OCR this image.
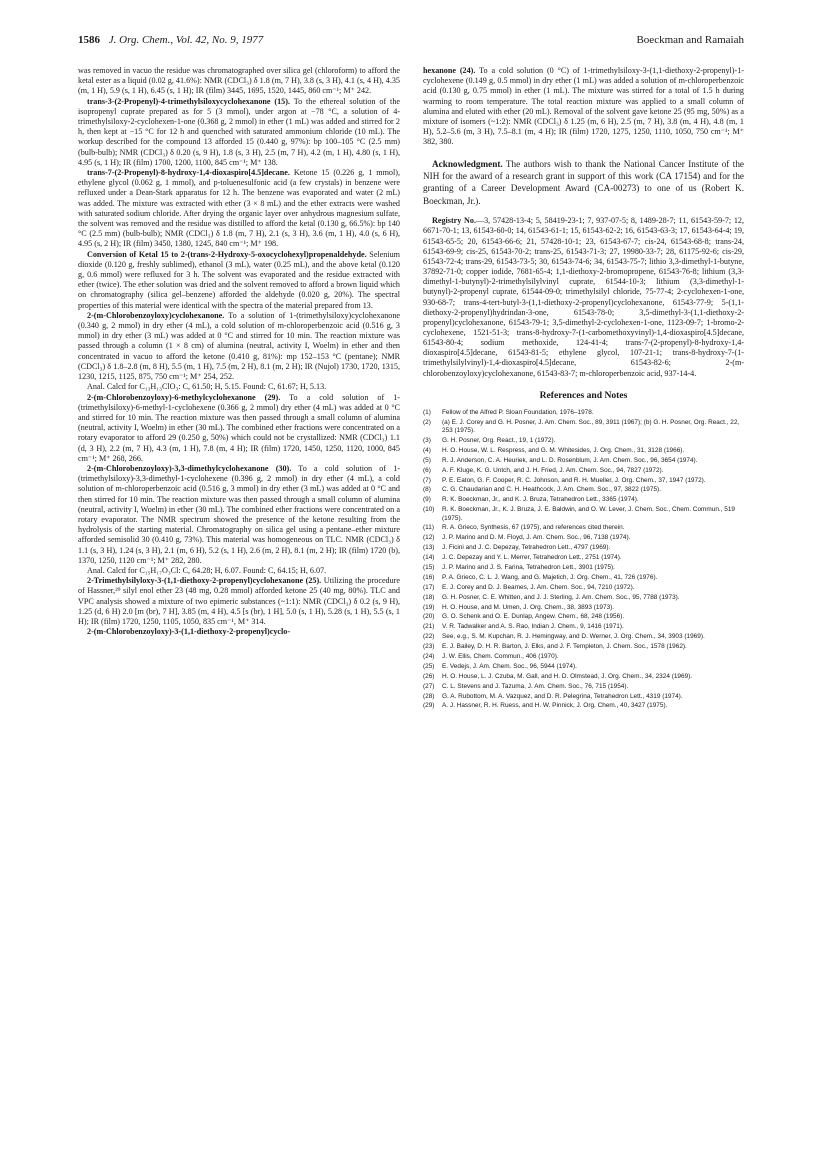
1586 J. Org. Chem., Vol. 42, No. 9, 1977	Boeckman and Ramaiah

was removed in vacuo the residue was chromatographed over silica gel (chloroform) to afford the ketal ester as a liquid (0.02 g, 41.6%): NMR (CDCl₃) δ 1.8 (m, 7 H), 3.8 (s, 3 H), 4.1 (s, 4 H), 4.35 (m, 1 H), 5.9 (s, 1 H), 6.45 (s, 1 H); IR (film) 3445, 1695, 1520, 1445, 860 cm⁻¹; M⁺ 242.

trans-3-(2-Propenyl)-4-trimethylsiloxycyclohexanone (15). To the ethereal solution of the isopropenyl cuprate prepared as for 5 (3 mmol), under argon at −78 °C, a solution of 4-trimethylsiloxy-2-cyclohexen-1-one (0.368 g, 2 mmol) in ether (1 mL) was added and stirred for 2 h, then kept at −15 °C for 12 h and quenched with saturated ammonium chloride (10 mL). The workup described for the compound 13 afforded 15 (0.440 g, 97%): bp 100–105 °C (2.5 mm) (bulb-bulb); NMR (CDCl₃) δ 0.20 (s, 9 H), 1.8 (s, 3 H), 2.5 (m, 7 H), 4.2 (m, 1 H), 4.80 (s, 1 H), 4.95 (s, 1 H); IR (film) 1700, 1200, 1100, 845 cm⁻¹; M⁺ 138.

trans-7-(2-Propenyl)-8-hydroxy-1,4-dioxaspiro[4.5]decane. Ketone 15 (0.226 g, 1 mmol), ethylene glycol (0.062 g, 1 mmol), and p-toluenesulfonic acid (a few crystals) in benzene were refluxed under a Dean-Stark apparatus for 12 h. The benzene was evaporated and water (2 mL) was added. The mixture was extracted with ether (3 × 8 mL) and the ether extracts were washed with saturated sodium chloride. After drying the organic layer over anhydrous magnesium sulfate, the solvent was removed and the residue was distilled to afford the ketal (0.130 g, 66.5%): bp 140 °C (2.5 mm) (bulb-bulb); NMR (CDCl₃) δ 1.8 (m, 7 H), 2.1 (s, 3 H), 3.6 (m, 1 H), 4.0 (s, 6 H), 4.95 (s, 2 H); IR (film) 3450, 1380, 1245, 840 cm⁻¹; M⁺ 198.

Conversion of Ketal 15 to 2-(trans-2-Hydroxy-5-oxocyclohexyl)propenaldehyde. Selenium dioxide (0.120 g, freshly sublimed), ethanol (3 mL), water (0.25 mL), and the above ketal (0.120 g, 0.6 mmol) were refluxed for 3 h. The solvent was evaporated and the residue extracted with ether (twice). The ether solution was dried and the solvent removed to afford a brown liquid which on chromatography (silica gel–benzene) afforded the aldehyde (0.020 g, 20%). The spectral properties of this material were identical with the spectra of the material prepared from 13.

2-(m-Chlorobenzoyloxy)cyclohexanone. To a solution of 1-(trimethylsiloxy)cyclohexanone (0.340 g, 2 mmol) in dry ether (4 mL), a cold solution of m-chloroperbenzoic acid (0.516 g, 3 mmol) in dry ether (3 mL) was added at 0 °C and stirred for 10 min. The reaction mixture was passed through a column (1 × 8 cm) of alumina (neutral, activity I, Woelm) in ether and then concentrated in vacuo to afford the ketone (0.410 g, 81%): mp 152–153 °C (pentane); NMR (CDCl₃) δ 1.8–2.8 (m, 8 H), 5.5 (m, 1 H), 7.5 (m, 2 H), 8.1 (m, 2 H); IR (Nujol) 1730, 1720, 1315, 1230, 1215, 1125, 875, 750 cm⁻¹; M⁺ 254, 252.

Anal. Calcd for C₁₃H₁₃ClO₃: C, 61.50; H, 5.15. Found: C, 61.67; H, 5.13.

2-(m-Chlorobenzoyloxy)-6-methylcyclohexanone (29). To a cold solution of 1-(trimethylsiloxy)-6-methyl-1-cyclohexene (0.366 g, 2 mmol) dry ether (4 mL) was added at 0 °C and stirred for 10 min. The reaction mixture was then passed through a small column of alumina (neutral, activity I, Woelm) in ether (30 mL). The combined ether fractions were concentrated on a rotary evaporator to afford 29 (0.250 g, 50%) which could not be crystallized: NMR (CDCl₃) 1.1 (d, 3 H), 2.2 (m, 7 H), 4.3 (m, 1 H), 7.8 (m, 4 H); IR (film) 1720, 1450, 1250, 1120, 1000, 845 cm⁻¹; M⁺ 268, 266.

2-(m-Chlorobenzoyloxy)-3,3-dimethylcyclohexanone (30). To a cold solution of 1-(trimethylsiloxy)-3,3-dimethyl-1-cyclohexene (0.396 g, 2 mmol) in dry ether (4 mL), a cold solution of m-chloroperbenzoic acid (0.516 g, 3 mmol) in dry ether (3 mL) was added at 0 °C and then stirred for 10 min. The reaction mixture was then passed through a small column of alumina (neutral, activity I, Woelm) in ether (30 mL). The combined ether fractions were concentrated on a rotary evaporator. The NMR spectrum showed the presence of the ketone resulting from the hydrolysis of the starting material. Chromatography on silica gel using a pentane–ether mixture afforded semisolid 30 (0.410 g, 73%). This material was homogeneous on TLC. NMR (CDCl₃) δ 1.1 (s, 3 H), 1.24 (s, 3 H), 2.1 (m, 6 H), 5.2 (s, 1 H), 2.6 (m, 2 H), 8.1 (m, 2 H); IR (film) 1720 (b), 1370, 1250, 1120 cm⁻¹; M⁺ 282, 280.

Anal. Calcd for C₁₅H₁₇O₃Cl: C, 64.28; H, 6.07. Found: C, 64.15; H, 6.07.

2-Trimethylsilyloxy-3-(1,1-diethoxy-2-propenyl)cyclohexanone (25). Utilizing the procedure of Hassner,²⁹ silyl enol ether 23 (48 mg, 0.28 mmol) afforded ketone 25 (40 mg, 80%). TLC and VPC analysis showed a mixture of two epimeric substances (~1:1): NMR (CDCl₃) δ 0.2 (s, 9 H), 1.25 (d, 6 H) 2.0 [m (br), 7 H], 3.85 (m, 4 H), 4.5 [s (br), 1 H], 5.0 (s, 1 H), 5.28 (s, 1 H), 5.5 (s, 1 H); IR (film) 1720, 1250, 1105, 1050, 835 cm⁻¹, M⁺ 314.

2-(m-Chlorobenzoyloxy)-3-(1,1-diethoxy-2-propenyl)cyclo-

hexanone (24). To a cold solution (0 °C) of 1-trimethylsiloxy-3-(1,1-diethoxy-2-propenyl)-1-cyclohexene (0.149 g, 0.5 mmol) in dry ether (1 mL) was added a solution of m-chloroperbenzoic acid (0.130 g, 0.75 mmol) in ether (1 mL). The mixture was stirred for a total of 1.5 h during warming to room temperature. The total reaction mixture was applied to a small column of alumina and eluted with ether (20 mL). Removal of the solvent gave ketone 25 (95 mg, 50%) as a mixture of isomers (~1:2): NMR (CDCl₃) δ 1.25 (m, 6 H), 2.5 (m, 7 H), 3.8 (m, 4 H), 4.8 (m, 1 H), 5.2–5.6 (m, 3 H), 7.5–8.1 (m, 4 H); IR (film) 1720, 1275, 1250, 1110, 1050, 750 cm⁻¹; M⁺ 382, 380.

Acknowledgment. The authors wish to thank the National Cancer Institute of the NIH for the award of a research grant in support of this work (CA 17154) and for the granting of a Career Development Award (CA-00273) to one of us (Robert K. Boeckman, Jr.).

Registry No.—3, 57428-13-4; 5, 58419-23-1; 7, 937-07-5; 8, 1489-28-7; 11, 61543-59-7; 12, 6671-70-1; 13, 61543-60-0; 14, 61543-61-1; 15, 61543-62-2; 16, 61543-63-3; 17, 61543-64-4; 19, 61543-65-5; 20, 61543-66-6; 21, 57428-10-1; 23, 61543-67-7; cis-24, 61543-68-8; trans-24, 61543-69-9; cis-25, 61543-70-2; trans-25, 61543-71-3; 27, 19980-33-7; 28, 61175-92-6; cis-29, 61543-72-4; trans-29, 61543-73-5; 30, 61543-74-6; 34, 61543-75-7; lithio 3,3-dimethyl-1-butyne, 37892-71-0; copper iodide, 7681-65-4; 1,1-diethoxy-2-bromopropene, 61543-76-8; lithium (3,3-dimethyl-1-butynyl)-2-trimethylsilylvinyl cuprate, 61544-10-3; lithium (3,3-dimethyl-1-butynyl)-2-propenyl cuprate, 61544-09-0; trimethylsilyl chloride, 75-77-4; 2-cyclohexen-1-one, 930-68-7; trans-4-tert-butyl-3-(1,1-diethoxy-2-propenyl)cyclohexanone, 61543-77-9; 5-(1,1-diethoxy-2-propenyl)hydrindan-3-one, 61543-78-0; 3,5-dimethyl-3-(1,1-diethoxy-2-propenyl)cyclohexanone, 61543-79-1; 3,5-dimethyl-2-cyclohexen-1-one, 1123-09-7; 1-bromo-2-cyclohexene, 1521-51-3; trans-8-hydroxy-7-(1-carbomethoxyvinyl)-1,4-dioxaspiro[4.5]decane, 61543-80-4; sodium methoxide, 124-41-4; trans-7-(2-propenyl)-8-hydroxy-1,4-dioxaspiro[4.5]decane, 61543-81-5; ethylene glycol, 107-21-1; trans-8-hydroxy-7-(1-trimethylsilylvinyl)-1,4-dioxaspiro[4.5]decane, 61543-82-6; 2-(m-chlorobenzoyloxy)cyclohexanone, 61543-83-7; m-chloroperbenzoic acid, 937-14-4.

References and Notes
(1) Fellow of the Alfred P. Sloan Foundation, 1976–1978.
(2) (a) E. J. Corey and G. H. Posner, J. Am. Chem. Soc., 89, 3911 (1967); (b) G. H. Posner, Org. React., 22, 253 (1975).
(3) G. H. Posner, Org. React., 19, 1 (1972).
(4) H. O. House, W. L. Respress, and G. M. Whitesides, J. Org. Chem., 31, 3128 (1966).
(5) R. J. Anderson, C. A. Heuriek, and L. D. Rosenblum, J. Am. Chem. Soc., 96, 3654 (1974).
(6) A. F. Kluge, K. G. Untch, and J. H. Fried, J. Am. Chem. Soc., 94, 7827 (1972).
(7) P. E. Eaton, G. F. Cooper, R. C. Johnson, and R. H. Mueller, J. Org. Chem., 37, 1947 (1972).
(8) C. G. Chaudarian and C. H. Heathcock, J. Am. Chem. Soc., 97, 3822 (1975).
(9) R. K. Boeckman, Jr., and K. J. Bruza, Tetrahedron Lett., 3365 (1974).
(10) R. K. Boeckman, Jr., K. J. Bruza, J. E. Baldwin, and O. W. Lever, J. Chem. Soc., Chem. Commun., 519 (1975).
(11) R. A. Grieco, Synthesis, 67 (1975), and references cited therein.
(12) J. P. Marino and D. M. Floyd, J. Am. Chem. Soc., 96, 7138 (1974).
(13) J. Ficini and J. C. Depezay, Tetrahedron Lett., 4797 (1969).
(14) J. C. Depezay and Y. L. Merrer, Tetrahedron Lett., 2751 (1974).
(15) J. P. Marino and J. S. Farina, Tetrahedron Lett., 3901 (1975).
(16) P. A. Grieco, C. L. J. Wang, and G. Majetich, J. Org. Chem., 41, 726 (1976).
(17) E. J. Corey and D. J. Beames, J. Am. Chem. Soc., 94, 7210 (1972).
(18) G. H. Posner, C. E. Whitten, and J. J. Sterling, J. Am. Chem. Soc., 95, 7788 (1973).
(19) H. O. House, and M. Umen, J. Org. Chem., 38, 3893 (1973).
(20) G. O. Schenk and O. E. Dunlap, Angew. Chem., 68, 248 (1956).
(21) V. R. Tadwalker and A. S. Rao, Indian J. Chem., 9, 1416 (1971).
(22) See, e.g., S. M. Kupchan, R. J. Hemingway, and D. Werner, J. Org. Chem., 34, 3903 (1969).
(23) E. J. Bailey, D. H. R. Barton, J. Elks, and J. F. Templeton, J. Chem. Soc., 1578 (1962).
(24) J. W. Ellis, Chem. Commun., 406 (1970).
(25) E. Vedejs, J. Am. Chem. Soc., 96, 5944 (1974).
(26) H. O. House, L. J. Czuba, M. Gall, and H. D. Olmstead, J. Org. Chem., 34, 2324 (1969).
(27) C. L. Stevens and J. Tazuma, J. Am. Chem. Soc., 76, 715 (1954).
(28) G. A. Rubottom, M. A. Vazquez, and D. R. Pelegrina, Tetrahedron Lett., 4319 (1974).
(29) A. J. Hassner, R. H. Ruess, and H. W. Pinnick, J. Org. Chem., 40, 3427 (1975).
